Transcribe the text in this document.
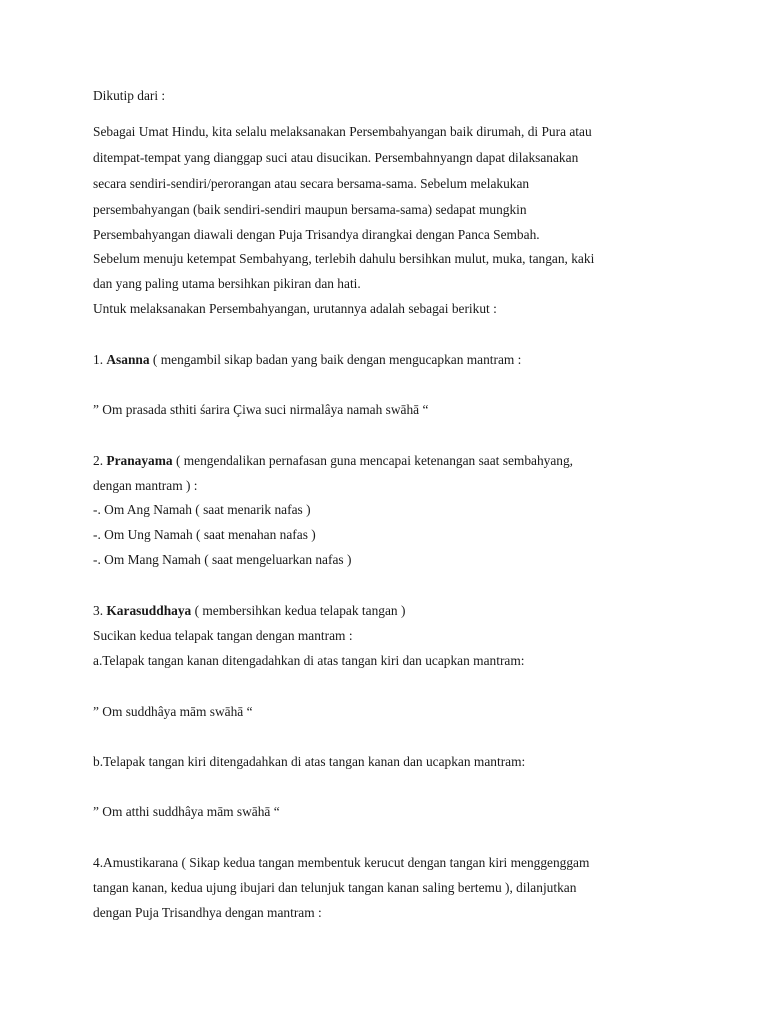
Dikutip dari :

Sebagai Umat Hindu, kita selalu melaksanakan Persembahyangan baik dirumah, di Pura atau

ditempat-tempat yang dianggap suci atau disucikan. Persembahnyangn dapat dilaksanakan

secara sendiri-sendiri/perorangan atau secara bersama-sama. Sebelum melakukan

persembahyangan (baik sendiri-sendiri maupun bersama-sama) sedapat mungkin

Persembahyangan diawali dengan Puja Trisandya dirangkai dengan Panca Sembah.

Sebelum menuju ketempat Sembahyang, terlebih dahulu bersihkan mulut, muka, tangan, kaki

dan yang paling utama bersihkan pikiran dan hati.

Untuk melaksanakan Persembahyangan, urutannya adalah sebagai berikut :

1. Asanna ( mengambil sikap badan yang baik dengan mengucapkan mantram :

” Om prasada sthiti śarira Çiwa suci nirmalâya namah swāhā “

2. Pranayama ( mengendalikan pernafasan guna mencapai ketenangan saat sembahyang,

dengan mantram ) :

-. Om Ang Namah ( saat menarik nafas )

-. Om Ung Namah ( saat menahan nafas )

-. Om Mang Namah ( saat mengeluarkan nafas )

3. Karasuddhaya ( membersihkan kedua telapak tangan )

Sucikan kedua telapak tangan dengan mantram :

a.Telapak tangan kanan ditengadahkan di atas tangan kiri dan ucapkan mantram:

” Om suddhâya mām swāhā “

b.Telapak tangan kiri ditengadahkan di atas tangan kanan dan ucapkan mantram:

” Om atthi suddhâya mām swāhā “

4.Amustikarana ( Sikap kedua tangan membentuk kerucut dengan tangan kiri menggenggam

tangan kanan, kedua ujung ibujari dan telunjuk tangan kanan saling bertemu ), dilanjutkan

dengan Puja Trisandhya dengan mantram :
